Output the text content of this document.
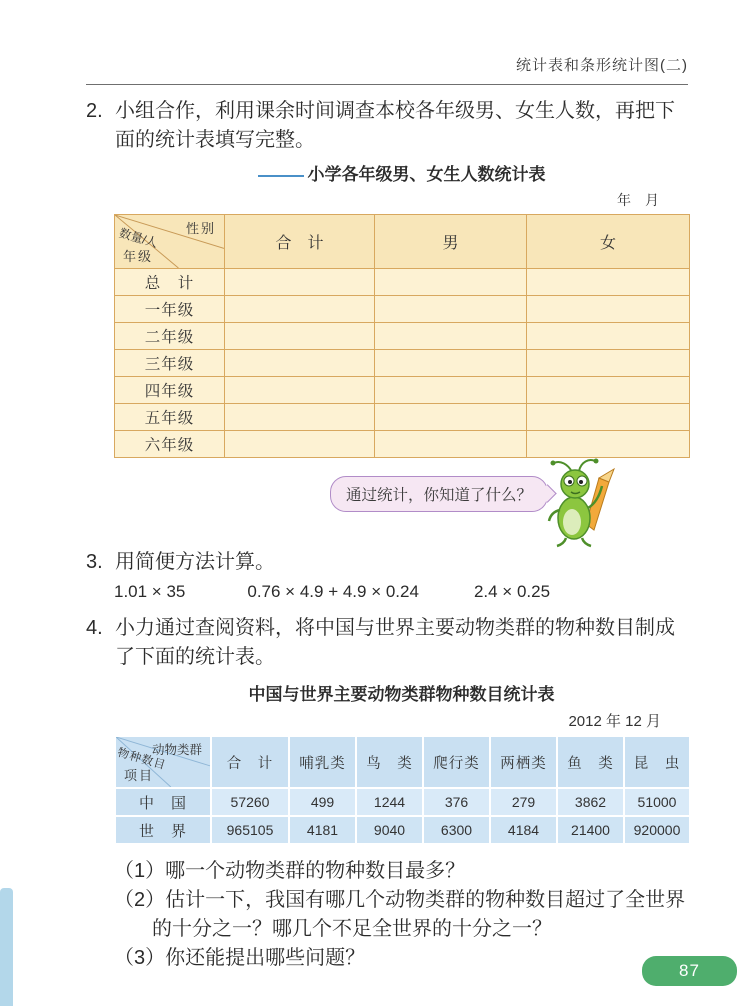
统计表和条形统计图(二)
2. 小组合作，利用课余时间调查本校各年级男、女生人数，再把下
面的统计表填写完整。
小学各年级男、女生人数统计表
年　月
性别
数量/人
年级	合　计	男	女
总　计			
一年级			
二年级			
三年级			
四年级			
五年级			
六年级			
通过统计，你知道了什么？
3. 用简便方法计算。
1.01 × 35	0.76 × 4.9 + 4.9 × 0.24	2.4 × 0.25
4. 小力通过查阅资料，将中国与世界主要动物类群的物种数目制成
了下面的统计表。
中国与世界主要动物类群物种数目统计表
2012 年 12 月
动物类群
物种数目
项目	合　计	哺乳类	鸟　类	爬行类	两栖类	鱼　类	昆　虫
中　国	57260	499	1244	376	279	3862	51000
世　界	965105	4181	9040	6300	4184	21400	920000
（1）哪一个动物类群的物种数目最多？
（2）估计一下，我国有哪几个动物类群的物种数目超过了全世界
的十分之一？哪几个不足全世界的十分之一？
（3）你还能提出哪些问题？
87
